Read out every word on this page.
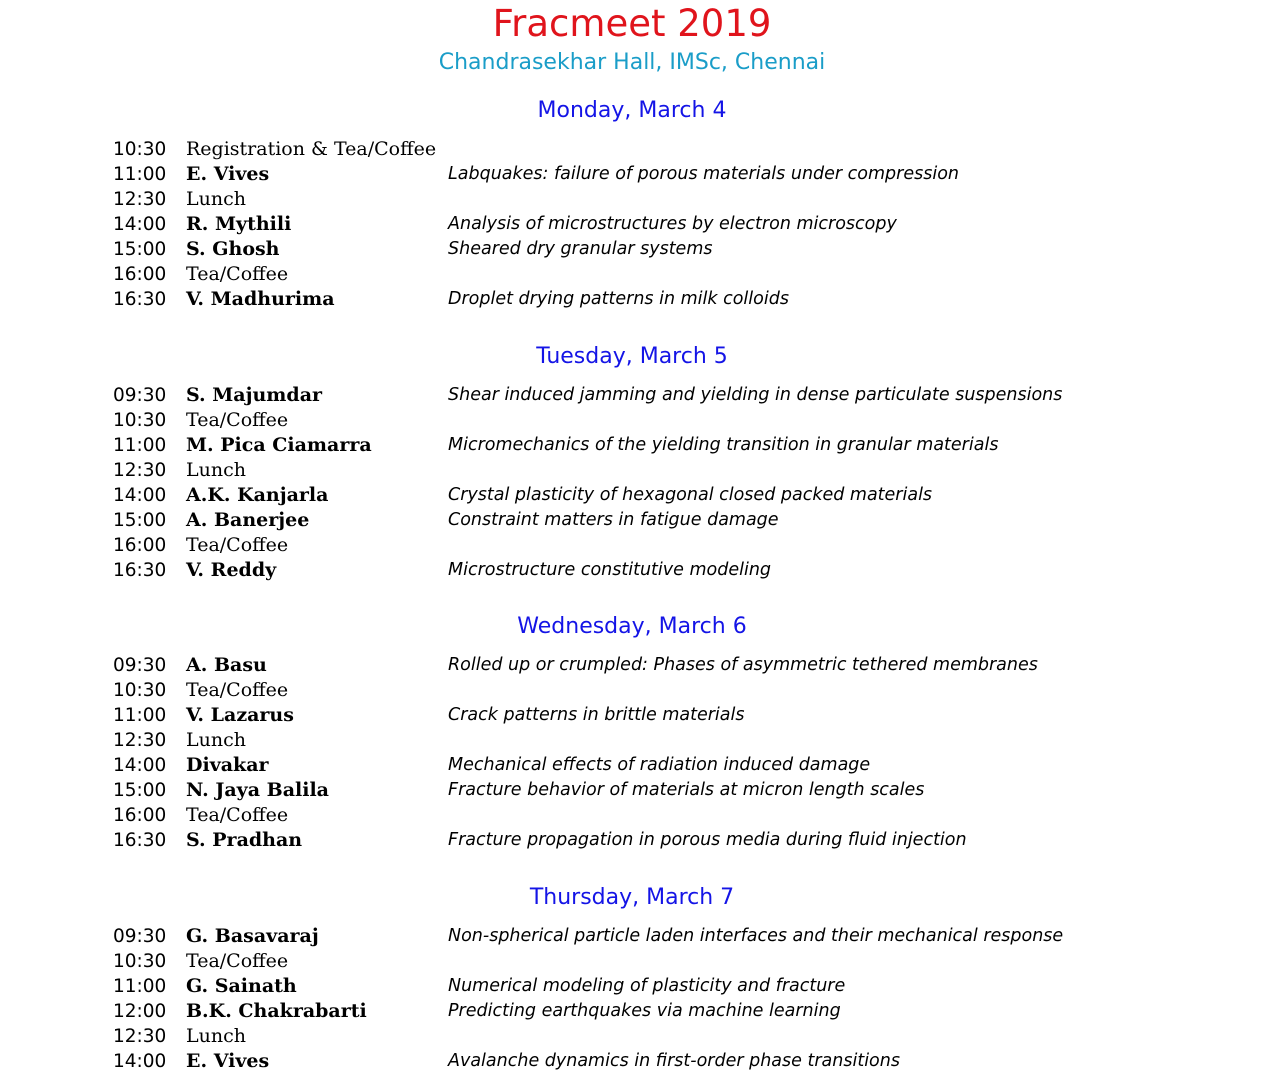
Fracmeet 2019
Chandrasekhar Hall, IMSc, Chennai
Monday, March 4
10:30 Registration & Tea/Coffee
11:00 E. Vives	Labquakes: failure of porous materials under compression
12:30 Lunch
14:00 R. Mythili	Analysis of microstructures by electron microscopy
15:00 S. Ghosh	Sheared dry granular systems
16:00 Tea/Coffee
16:30 V. Madhurima	Droplet drying patterns in milk colloids
Tuesday, March 5
09:30 S. Majumdar	Shear induced jamming and yielding in dense particulate suspensions
10:30 Tea/Coffee
11:00 M. Pica Ciamarra	Micromechanics of the yielding transition in granular materials
12:30 Lunch
14:00 A.K. Kanjarla	Crystal plasticity of hexagonal closed packed materials
15:00 A. Banerjee	Constraint matters in fatigue damage
16:00 Tea/Coffee
16:30 V. Reddy	Microstructure constitutive modeling
Wednesday, March 6
09:30 A. Basu	Rolled up or crumpled: Phases of asymmetric tethered membranes
10:30 Tea/Coffee
11:00 V. Lazarus	Crack patterns in brittle materials
12:30 Lunch
14:00 Divakar	Mechanical effects of radiation induced damage
15:00 N. Jaya Balila	Fracture behavior of materials at micron length scales
16:00 Tea/Coffee
16:30 S. Pradhan	Fracture propagation in porous media during fluid injection
Thursday, March 7
09:30 G. Basavaraj	Non-spherical particle laden interfaces and their mechanical response
10:30 Tea/Coffee
11:00 G. Sainath	Numerical modeling of plasticity and fracture
12:00 B.K. Chakrabarti	Predicting earthquakes via machine learning
12:30 Lunch
14:00 E. Vives	Avalanche dynamics in first-order phase transitions
